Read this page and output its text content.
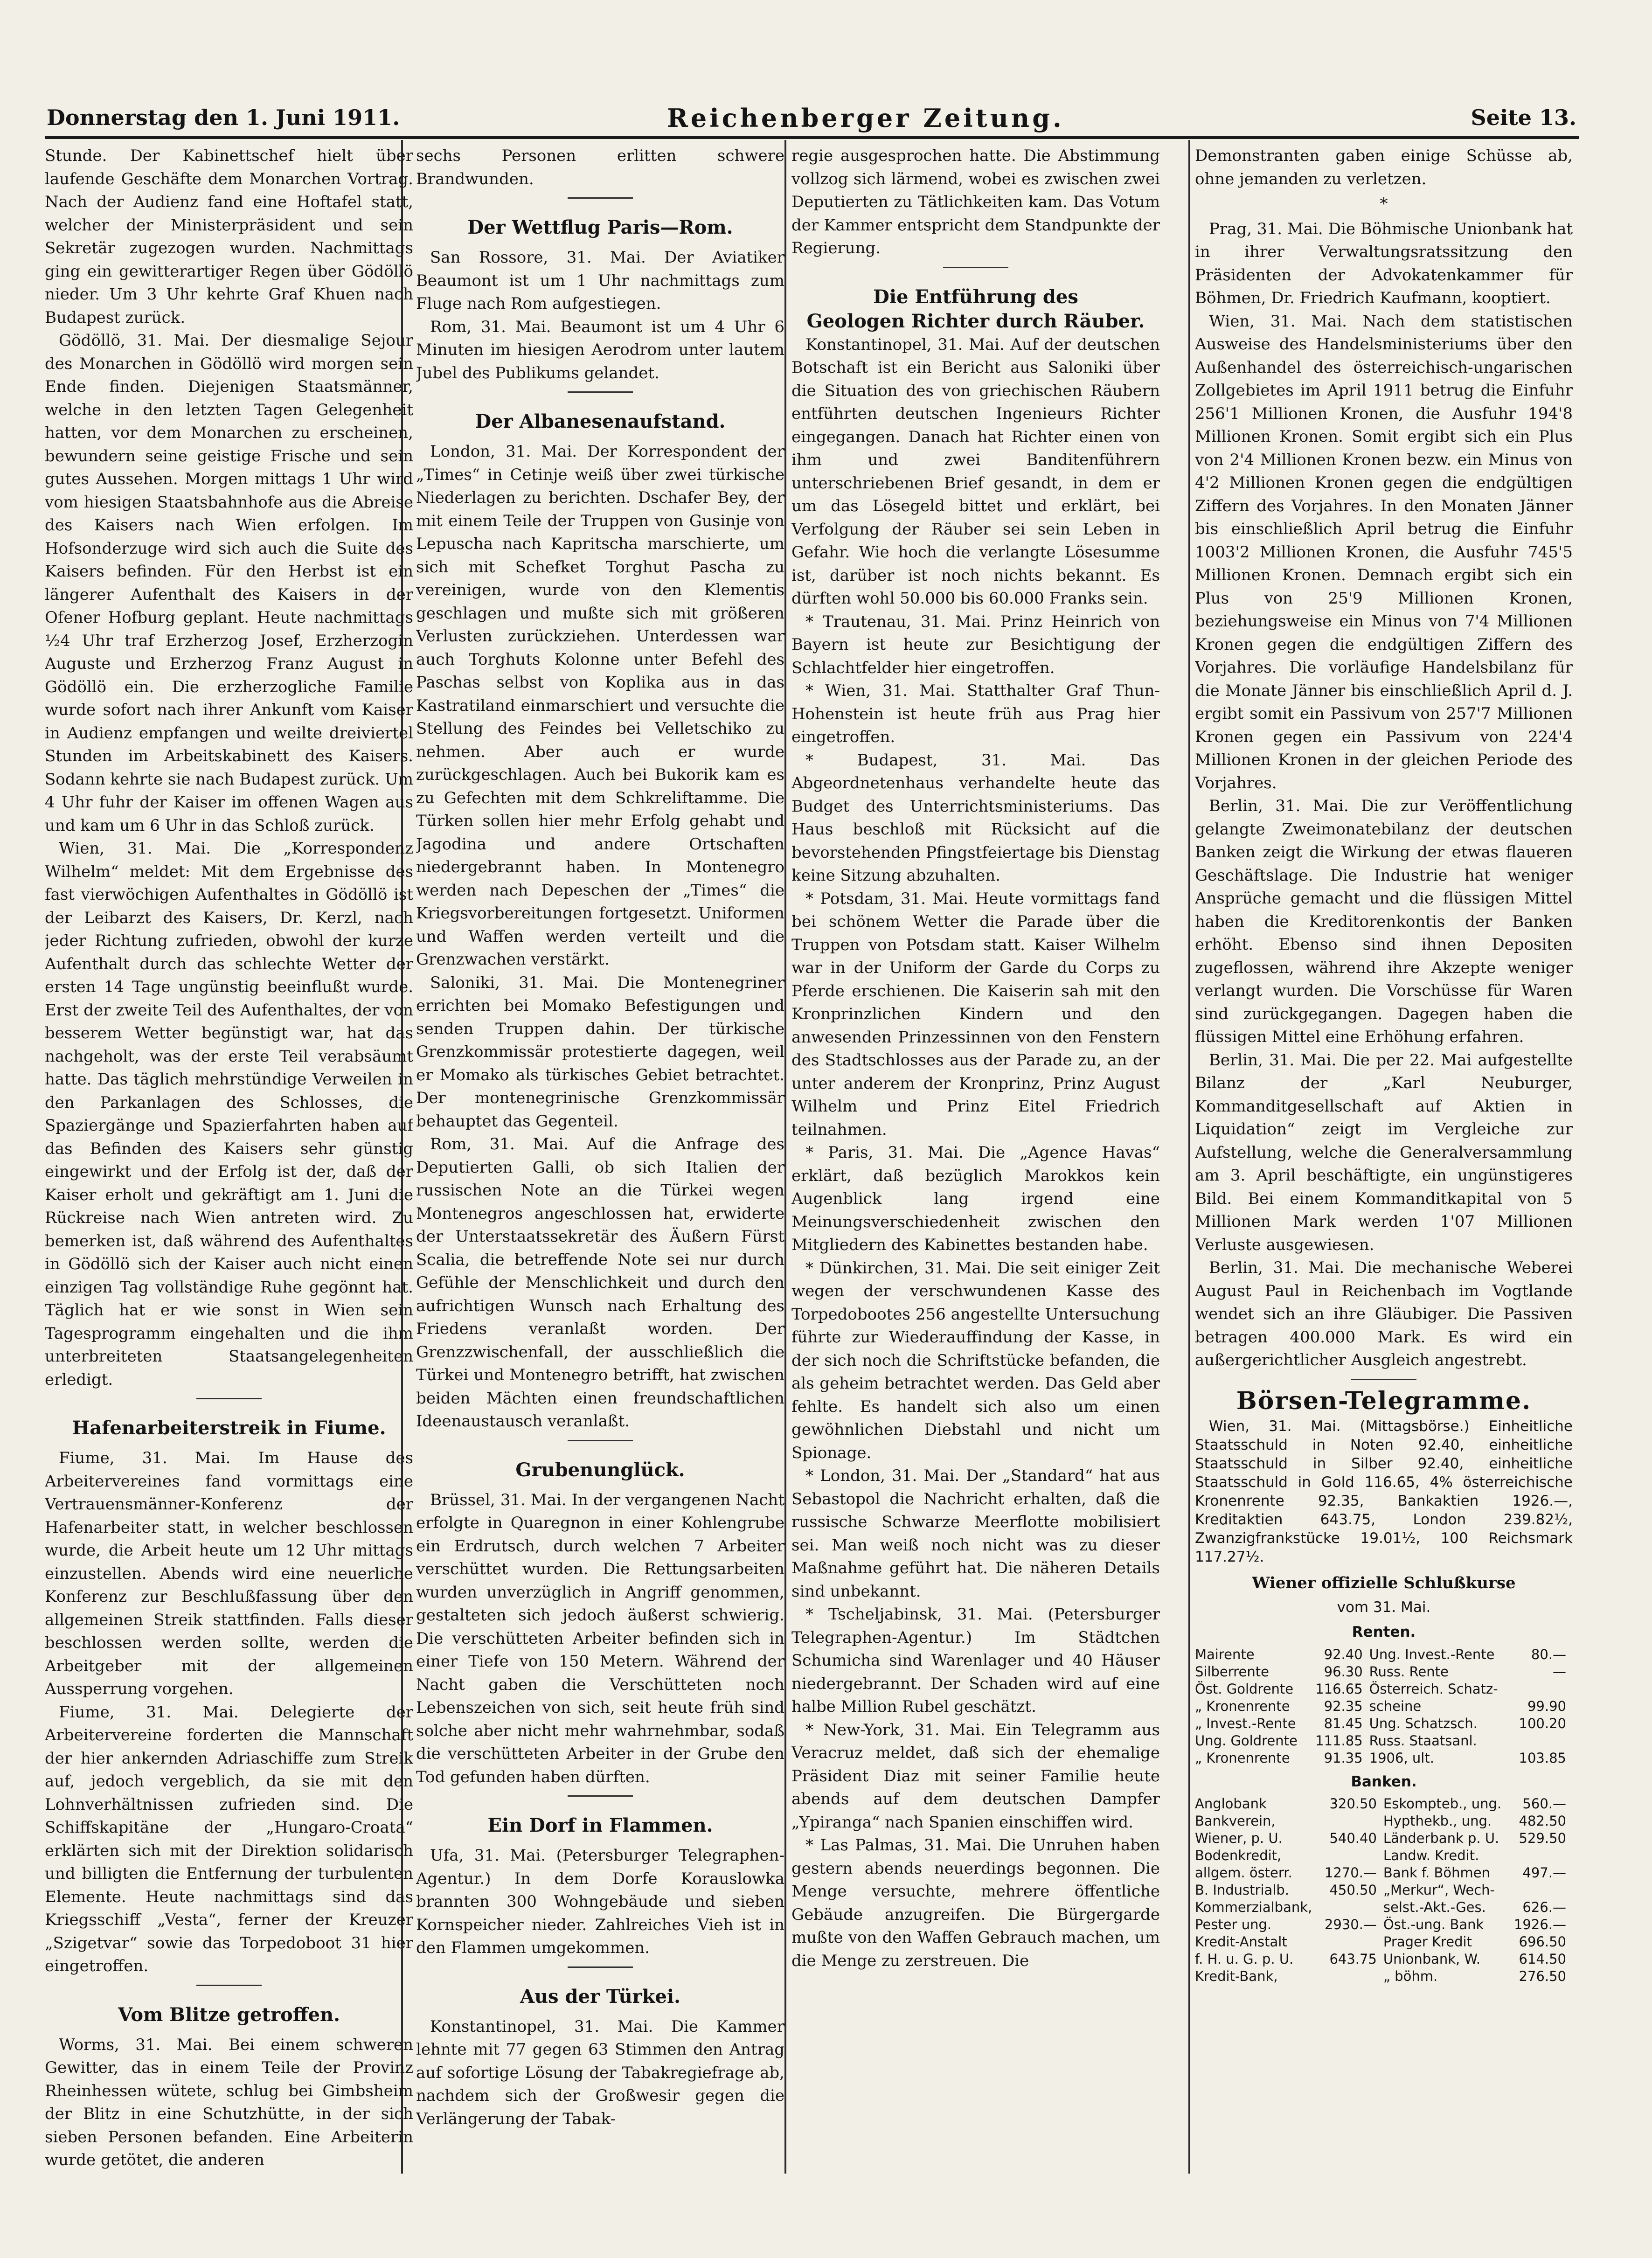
Donnerstag den 1. Juni 1911.	Reichenberger Zeitung.	Seite 13.

Stunde. Der Kabinettschef hielt über laufende Geschäfte dem Monarchen Vortrag. Nach der Audienz fand eine Hoftafel statt, welcher der Ministerpräsident und sein Sekretär zugezogen wurden. Nachmittags ging ein gewitterartiger Regen über Gödöllö nieder. Um 3 Uhr kehrte Graf Khuen nach Budapest zurück.

Gödöllö, 31. Mai. Der diesmalige Sejour des Monarchen in Gödöllö wird morgen sein Ende finden. Diejenigen Staatsmänner, welche in den letzten Tagen Gelegenheit hatten, vor dem Monarchen zu erscheinen, bewundern seine geistige Frische und sein gutes Aussehen. Morgen mittags 1 Uhr wird vom hiesigen Staatsbahnhofe aus die Abreise des Kaisers nach Wien erfolgen. Im Hofsonderzuge wird sich auch die Suite des Kaisers befinden. Für den Herbst ist ein längerer Aufenthalt des Kaisers in der Ofener Hofburg geplant. Heute nachmittags ½4 Uhr traf Erzherzog Josef, Erzherzogin Auguste und Erzherzog Franz August in Gödöllö ein. Die erzherzogliche Familie wurde sofort nach ihrer Ankunft vom Kaiser in Audienz empfangen und weilte dreiviertel Stunden im Arbeitskabinett des Kaisers. Sodann kehrte sie nach Budapest zurück. Um 4 Uhr fuhr der Kaiser im offenen Wagen aus und kam um 6 Uhr in das Schloß zurück.

Wien, 31. Mai. Die „Korrespondenz Wilhelm“ meldet: Mit dem Ergebnisse des fast vierwöchigen Aufenthaltes in Gödöllö ist der Leibarzt des Kaisers, Dr. Kerzl, nach jeder Richtung zufrieden, obwohl der kurze Aufenthalt durch das schlechte Wetter der ersten 14 Tage ungünstig beeinflußt wurde. Erst der zweite Teil des Aufenthaltes, der von besserem Wetter begünstigt war, hat das nachgeholt, was der erste Teil verabsäumt hatte. Das täglich mehrstündige Verweilen in den Parkanlagen des Schlosses, die Spaziergänge und Spazierfahrten haben auf das Befinden des Kaisers sehr günstig eingewirkt und der Erfolg ist der, daß der Kaiser erholt und gekräftigt am 1. Juni die Rückreise nach Wien antreten wird. Zu bemerken ist, daß während des Aufenthaltes in Gödöllö sich der Kaiser auch nicht einen einzigen Tag vollständige Ruhe gegönnt hat. Täglich hat er wie sonst in Wien sein Tagesprogramm eingehalten und die ihm unterbreiteten Staatsangelegenheiten erledigt.

Hafenarbeiterstreik in Fiume.

Fiume, 31. Mai. Im Hause des Arbeitervereines fand vormittags eine Vertrauensmänner-Konferenz der Hafenarbeiter statt, in welcher beschlossen wurde, die Arbeit heute um 12 Uhr mittags einzustellen. Abends wird eine neuerliche Konferenz zur Beschlußfassung über den allgemeinen Streik stattfinden. Falls dieser beschlossen werden sollte, werden die Arbeitgeber mit der allgemeinen Aussperrung vorgehen.

Fiume, 31. Mai. Delegierte der Arbeitervereine forderten die Mannschaft der hier ankernden Adriaschiffe zum Streik auf, jedoch vergeblich, da sie mit den Lohnverhältnissen zufrieden sind. Die Schiffskapitäne der „Hungaro-Croata“ erklärten sich mit der Direktion solidarisch und billigten die Entfernung der turbulenten Elemente. Heute nachmittags sind das Kriegsschiff „Vesta“, ferner der Kreuzer „Szigetvar“ sowie das Torpedoboot 31 hier eingetroffen.

Vom Blitze getroffen.

Worms, 31. Mai. Bei einem schweren Gewitter, das in einem Teile der Provinz Rheinhessen wütete, schlug bei Gimbsheim der Blitz in eine Schutzhütte, in der sich sieben Personen befanden. Eine Arbeiterin wurde getötet, die anderen

sechs Personen erlitten schwere Brandwunden.

Der Wettflug Paris—Rom.

San Rossore, 31. Mai. Der Aviatiker Beaumont ist um 1 Uhr nachmittags zum Fluge nach Rom aufgestiegen.

Rom, 31. Mai. Beaumont ist um 4 Uhr 6 Minuten im hiesigen Aerodrom unter lautem Jubel des Publikums gelandet.

Der Albanesenaufstand.

London, 31. Mai. Der Korrespondent der „Times“ in Cetinje weiß über zwei türkische Niederlagen zu berichten. Dschafer Bey, der mit einem Teile der Truppen von Gusinje von Lepuscha nach Kapritscha marschierte, um sich mit Schefket Torghut Pascha zu vereinigen, wurde von den Klementis geschlagen und mußte sich mit größeren Verlusten zurückziehen. Unterdessen war auch Torghuts Kolonne unter Befehl des Paschas selbst von Koplika aus in das Kastratiland einmarschiert und versuchte die Stellung des Feindes bei Velletschiko zu nehmen. Aber auch er wurde zurückgeschlagen. Auch bei Bukorik kam es zu Gefechten mit dem Schkreliftamme. Die Türken sollen hier mehr Erfolg gehabt und Jagodina und andere Ortschaften niedergebrannt haben. In Montenegro werden nach Depeschen der „Times“ die Kriegsvorbereitungen fortgesetzt. Uniformen und Waffen werden verteilt und die Grenzwachen verstärkt.

Saloniki, 31. Mai. Die Montenegriner errichten bei Momako Befestigungen und senden Truppen dahin. Der türkische Grenzkommissär protestierte dagegen, weil er Momako als türkisches Gebiet betrachtet. Der montenegrinische Grenzkommissär behauptet das Gegenteil.

Rom, 31. Mai. Auf die Anfrage des Deputierten Galli, ob sich Italien der russischen Note an die Türkei wegen Montenegros angeschlossen hat, erwiderte der Unterstaatssekretär des Äußern Fürst Scalia, die betreffende Note sei nur durch Gefühle der Menschlichkeit und durch den aufrichtigen Wunsch nach Erhaltung des Friedens veranlaßt worden. Der Grenzzwischenfall, der ausschließlich die Türkei und Montenegro betrifft, hat zwischen beiden Mächten einen freundschaftlichen Ideenaustausch veranlaßt.

Grubenunglück.

Brüssel, 31. Mai. In der vergangenen Nacht erfolgte in Quaregnon in einer Kohlengrube ein Erdrutsch, durch welchen 7 Arbeiter verschüttet wurden. Die Rettungsarbeiten wurden unverzüglich in Angriff genommen, gestalteten sich jedoch äußerst schwierig. Die verschütteten Arbeiter befinden sich in einer Tiefe von 150 Metern. Während der Nacht gaben die Verschütteten noch Lebenszeichen von sich, seit heute früh sind solche aber nicht mehr wahrnehmbar, sodaß die verschütteten Arbeiter in der Grube den Tod gefunden haben dürften.

Ein Dorf in Flammen.

Ufa, 31. Mai. (Petersburger Telegraphen-Agentur.) In dem Dorfe Korauslowka brannten 300 Wohngebäude und sieben Kornspeicher nieder. Zahlreiches Vieh ist in den Flammen umgekommen.

Aus der Türkei.

Konstantinopel, 31. Mai. Die Kammer lehnte mit 77 gegen 63 Stimmen den Antrag auf sofortige Lösung der Tabakregiefrage ab, nachdem sich der Großwesir gegen die Verlängerung der Tabak-

regie ausgesprochen hatte. Die Abstimmung vollzog sich lärmend, wobei es zwischen zwei Deputierten zu Tätlichkeiten kam. Das Votum der Kammer entspricht dem Standpunkte der Regierung.

Die Entführung des
Geologen Richter durch Räuber.

Konstantinopel, 31. Mai. Auf der deutschen Botschaft ist ein Bericht aus Saloniki über die Situation des von griechischen Räubern entführten deutschen Ingenieurs Richter eingegangen. Danach hat Richter einen von ihm und zwei Banditenführern unterschriebenen Brief gesandt, in dem er um das Lösegeld bittet und erklärt, bei Verfolgung der Räuber sei sein Leben in Gefahr. Wie hoch die verlangte Lösesumme ist, darüber ist noch nichts bekannt. Es dürften wohl 50.000 bis 60.000 Franks sein.

* Trautenau, 31. Mai. Prinz Heinrich von Bayern ist heute zur Besichtigung der Schlachtfelder hier eingetroffen.

* Wien, 31. Mai. Statthalter Graf Thun-Hohenstein ist heute früh aus Prag hier eingetroffen.

* Budapest, 31. Mai. Das Abgeordnetenhaus verhandelte heute das Budget des Unterrichtsministeriums. Das Haus beschloß mit Rücksicht auf die bevorstehenden Pfingstfeiertage bis Dienstag keine Sitzung abzuhalten.

* Potsdam, 31. Mai. Heute vormittags fand bei schönem Wetter die Parade über die Truppen von Potsdam statt. Kaiser Wilhelm war in der Uniform der Garde du Corps zu Pferde erschienen. Die Kaiserin sah mit den Kronprinzlichen Kindern und den anwesenden Prinzessinnen von den Fenstern des Stadtschlosses aus der Parade zu, an der unter anderem der Kronprinz, Prinz August Wilhelm und Prinz Eitel Friedrich teilnahmen.

* Paris, 31. Mai. Die „Agence Havas“ erklärt, daß bezüglich Marokkos kein Augenblick lang irgend eine Meinungsverschiedenheit zwischen den Mitgliedern des Kabinettes bestanden habe.

* Dünkirchen, 31. Mai. Die seit einiger Zeit wegen der verschwundenen Kasse des Torpedobootes 256 angestellte Untersuchung führte zur Wiederauffindung der Kasse, in der sich noch die Schriftstücke befanden, die als geheim betrachtet werden. Das Geld aber fehlte. Es handelt sich also um einen gewöhnlichen Diebstahl und nicht um Spionage.

* London, 31. Mai. Der „Standard“ hat aus Sebastopol die Nachricht erhalten, daß die russische Schwarze Meerflotte mobilisiert sei. Man weiß noch nicht was zu dieser Maßnahme geführt hat. Die näheren Details sind unbekannt.

* Tscheljabinsk, 31. Mai. (Petersburger Telegraphen-Agentur.) Im Städtchen Schumicha sind Warenlager und 40 Häuser niedergebrannt. Der Schaden wird auf eine halbe Million Rubel geschätzt.

* New-York, 31. Mai. Ein Telegramm aus Veracruz meldet, daß sich der ehemalige Präsident Diaz mit seiner Familie heute abends auf dem deutschen Dampfer „Ypiranga“ nach Spanien einschiffen wird.

* Las Palmas, 31. Mai. Die Unruhen haben gestern abends neuerdings begonnen. Die Menge versuchte, mehrere öffentliche Gebäude anzugreifen. Die Bürgergarde mußte von den Waffen Gebrauch machen, um die Menge zu zerstreuen. Die

Demonstranten gaben einige Schüsse ab, ohne jemanden zu verletzen.

*

Prag, 31. Mai. Die Böhmische Unionbank hat in ihrer Verwaltungsratssitzung den Präsidenten der Advokatenkammer für Böhmen, Dr. Friedrich Kaufmann, kooptiert.

Wien, 31. Mai. Nach dem statistischen Ausweise des Handelsministeriums über den Außenhandel des österreichisch-ungarischen Zollgebietes im April 1911 betrug die Einfuhr 256'1 Millionen Kronen, die Ausfuhr 194'8 Millionen Kronen. Somit ergibt sich ein Plus von 2'4 Millionen Kronen bezw. ein Minus von 4'2 Millionen Kronen gegen die endgültigen Ziffern des Vorjahres. In den Monaten Jänner bis einschließlich April betrug die Einfuhr 1003'2 Millionen Kronen, die Ausfuhr 745'5 Millionen Kronen. Demnach ergibt sich ein Plus von 25'9 Millionen Kronen, beziehungsweise ein Minus von 7'4 Millionen Kronen gegen die endgültigen Ziffern des Vorjahres. Die vorläufige Handelsbilanz für die Monate Jänner bis einschließlich April d. J. ergibt somit ein Passivum von 257'7 Millionen Kronen gegen ein Passivum von 224'4 Millionen Kronen in der gleichen Periode des Vorjahres.

Berlin, 31. Mai. Die zur Veröffentlichung gelangte Zweimonatebilanz der deutschen Banken zeigt die Wirkung der etwas flaueren Geschäftslage. Die Industrie hat weniger Ansprüche gemacht und die flüssigen Mittel haben die Kreditorenkontis der Banken erhöht. Ebenso sind ihnen Depositen zugeflossen, während ihre Akzepte weniger verlangt wurden. Die Vorschüsse für Waren sind zurückgegangen. Dagegen haben die flüssigen Mittel eine Erhöhung erfahren.

Berlin, 31. Mai. Die per 22. Mai aufgestellte Bilanz der „Karl Neuburger, Kommanditgesellschaft auf Aktien in Liquidation“ zeigt im Vergleiche zur Aufstellung, welche die Generalversammlung am 3. April beschäftigte, ein ungünstigeres Bild. Bei einem Kommanditkapital von 5 Millionen Mark werden 1'07 Millionen Verluste ausgewiesen.

Berlin, 31. Mai. Die mechanische Weberei August Paul in Reichenbach im Vogtlande wendet sich an ihre Gläubiger. Die Passiven betragen 400.000 Mark. Es wird ein außergerichtlicher Ausgleich angestrebt.

Börsen-Telegramme.

Wien, 31. Mai. (Mittagsbörse.) Einheitliche Staatsschuld in Noten 92.40, einheitliche Staatsschuld in Silber 92.40, einheitliche Staatsschuld in Gold 116.65, 4% österreichische Kronenrente 92.35, Bankaktien 1926.—, Kreditaktien 643.75, London 239.82½, Zwanzigfrankstücke 19.01½, 100 Reichsmark 117.27½.

Wiener offizielle Schlußkurse
vom 31. Mai.
Renten.
Mairente	92.40	Ung. Invest.-Rente	80.—
Silberrente	96.30	Russ. Rente	—
Öst. Goldrente	116.65	Österreich. Schatz-	
„ Kronenrente	92.35	scheine	99.90
„ Invest.-Rente	81.45	Ung. Schatzsch.	100.20
Ung. Goldrente	111.85	Russ. Staatsanl.	
„ Kronenrente	91.35	1906, ult.	103.85
Banken.
Anglobank	320.50	Eskompteb., ung.	560.—
Bankverein,		Hypthekb., ung.	482.50
Wiener, p. U.	540.40	Länderbank p. U.	529.50
Bodenkredit,		Landw. Kredit.	
allgem. österr.	1270.—	Bank f. Böhmen	497.—
B. Industrialb.	450.50	„Merkur“, Wech-	
Kommerzialbank,		selst.-Akt.-Ges.	626.—
Pester ung.	2930.—	Öst.-ung. Bank	1926.—
Kredit-Anstalt		Prager Kredit	696.50
f. H. u. G. p. U.	643.75	Unionbank, W.	614.50
Kredit-Bank,		„ böhm.	276.50
